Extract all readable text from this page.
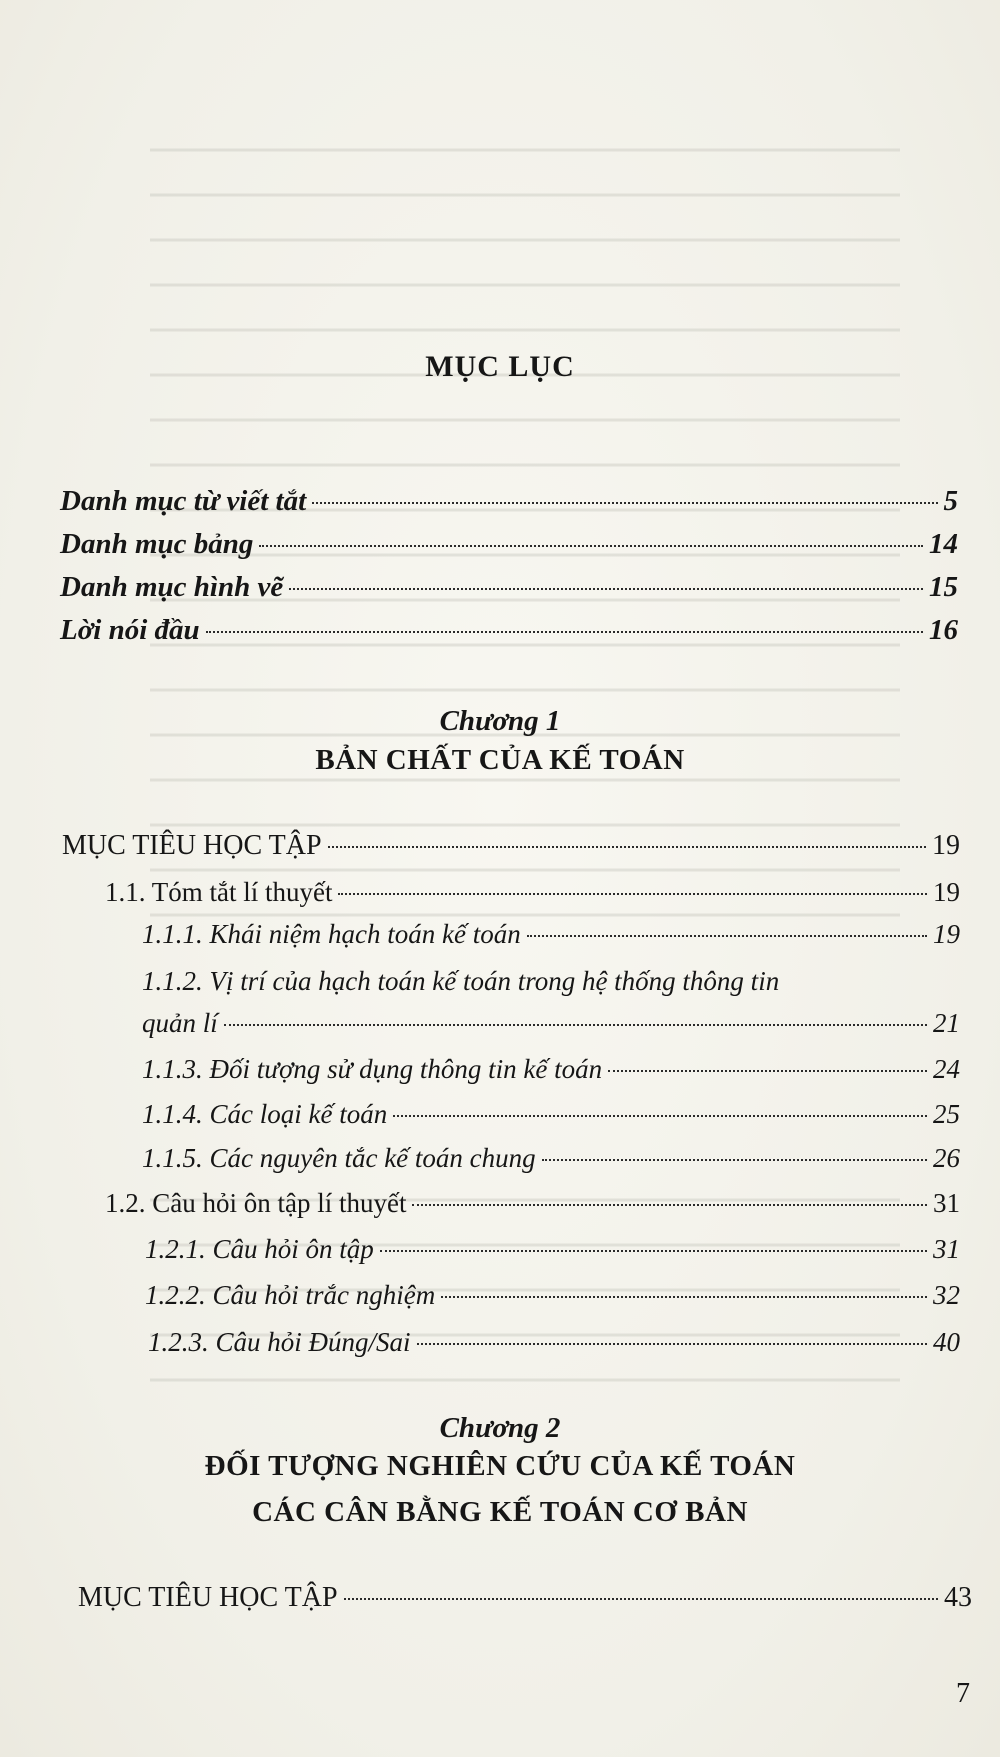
MỤC LỤC
Danh mục từ viết tắt	5
Danh mục bảng	14
Danh mục hình vẽ	15
Lời nói đầu	16
Chương 1
BẢN CHẤT CỦA KẾ TOÁN
MỤC TIÊU HỌC TẬP	19
1.1. Tóm tắt lí thuyết	19
1.1.1. Khái niệm hạch toán kế toán	19
1.1.2. Vị trí của hạch toán kế toán trong hệ thống thông tin
quản lí	21
1.1.3. Đối tượng sử dụng thông tin kế toán	24
1.1.4. Các loại kế toán	25
1.1.5. Các nguyên tắc kế toán chung	26
1.2. Câu hỏi ôn tập lí thuyết	31
1.2.1. Câu hỏi ôn tập	31
1.2.2. Câu hỏi trắc nghiệm	32
1.2.3. Câu hỏi Đúng/Sai	40
Chương 2
ĐỐI TƯỢNG NGHIÊN CỨU CỦA KẾ TOÁN
CÁC CÂN BẰNG KẾ TOÁN CƠ BẢN
MỤC TIÊU HỌC TẬP	43
7
